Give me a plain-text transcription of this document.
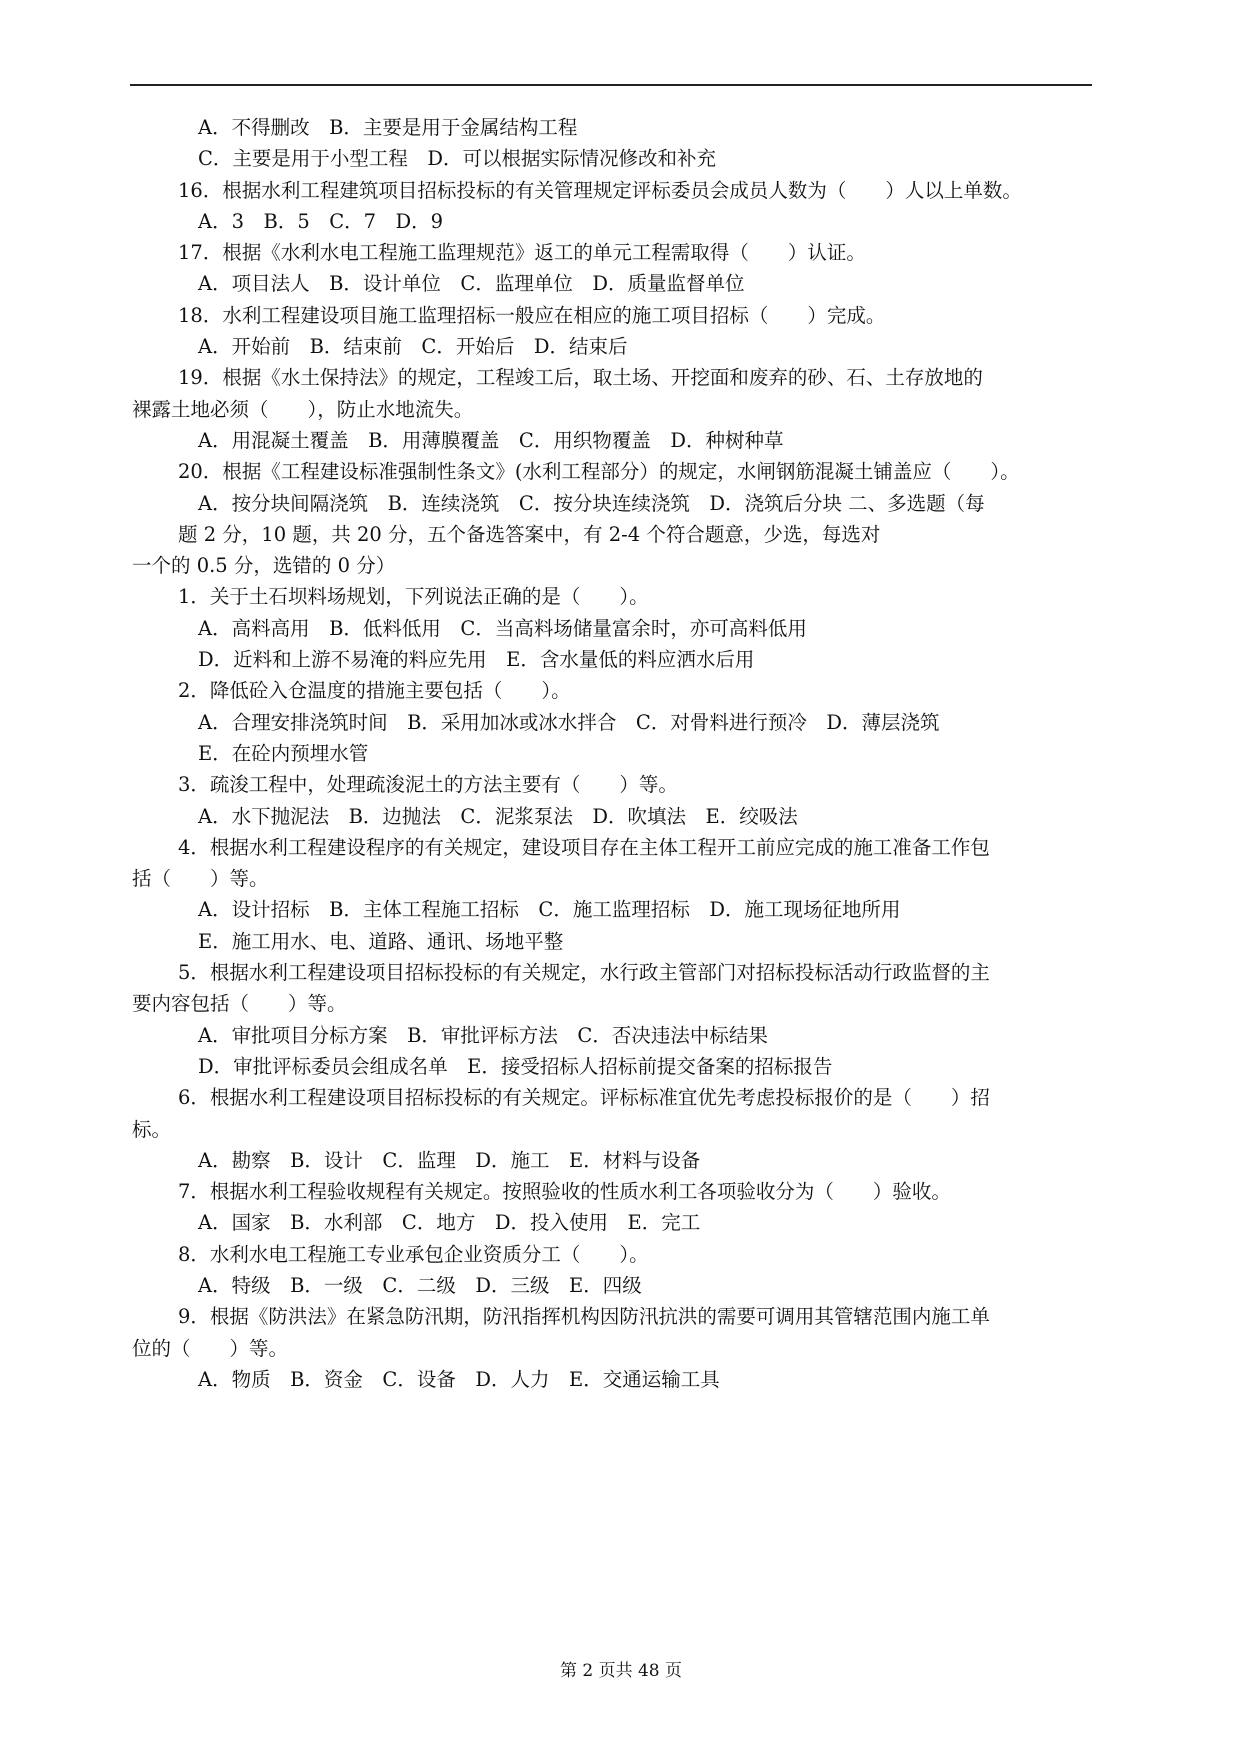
A．不得删改　B．主要是用于金属结构工程

C．主要是用于小型工程　D．可以根据实际情况修改和补充

16．根据水利工程建筑项目招标投标的有关管理规定评标委员会成员人数为（　　）人以上单数。

A．3　B．5　C．7　D．9

17．根据《水利水电工程施工监理规范》返工的单元工程需取得（　　）认证。

A．项目法人　B．设计单位　C．监理单位　D．质量监督单位

18．水利工程建设项目施工监理招标一般应在相应的施工项目招标（　　）完成。

A．开始前　B．结束前　C．开始后　D．结束后

19．根据《水土保持法》的规定，工程竣工后，取土场、开挖面和废弃的砂、石、土存放地的

裸露土地必须（　　），防止水地流失。

A．用混凝土覆盖　B．用薄膜覆盖　C．用织物覆盖　D．种树种草

20．根据《工程建设标准强制性条文》(水利工程部分）的规定，水闸钢筋混凝土铺盖应（　　）。

A．按分块间隔浇筑　B．连续浇筑　C．按分块连续浇筑　D．浇筑后分块 二、多选题（每

题 2 分，10 题，共 20 分，五个备选答案中，有 2-4 个符合题意，少选，每选对

一个的 0.5 分，选错的 0 分）

1．关于土石坝料场规划，下列说法正确的是（　　）。

A．高料高用　B．低料低用　C．当高料场储量富余时，亦可高料低用

D．近料和上游不易淹的料应先用　E．含水量低的料应洒水后用

2．降低砼入仓温度的措施主要包括（　　）。

A．合理安排浇筑时间　B．采用加冰或冰水拌合　C．对骨料进行预冷　D．薄层浇筑

E．在砼内预埋水管

3．疏浚工程中，处理疏浚泥土的方法主要有（　　）等。

A．水下抛泥法　B．边抛法　C．泥浆泵法　D．吹填法　E．绞吸法

4．根据水利工程建设程序的有关规定，建设项目存在主体工程开工前应完成的施工准备工作包

括（　　）等。

A．设计招标　B．主体工程施工招标　C．施工监理招标　D．施工现场征地所用

E．施工用水、电、道路、通讯、场地平整

5．根据水利工程建设项目招标投标的有关规定，水行政主管部门对招标投标活动行政监督的主

要内容包括（　　）等。

A．审批项目分标方案　B．审批评标方法　C．否决违法中标结果

D．审批评标委员会组成名单　E．接受招标人招标前提交备案的招标报告

6．根据水利工程建设项目招标投标的有关规定。评标标准宜优先考虑投标报价的是（　　）招

标。

A．勘察　B．设计　C．监理　D．施工　E．材料与设备

7．根据水利工程验收规程有关规定。按照验收的性质水利工各项验收分为（　　）验收。

A．国家　B．水利部　C．地方　D．投入使用　E．完工

8．水利水电工程施工专业承包企业资质分工（　　）。

A．特级　B．一级　C．二级　D．三级　E．四级

9．根据《防洪法》在紧急防汛期，防汛指挥机构因防汛抗洪的需要可调用其管辖范围内施工单

位的（　　）等。

A．物质　B．资金　C．设备　D．人力　E．交通运输工具

第 2 页共 48 页
